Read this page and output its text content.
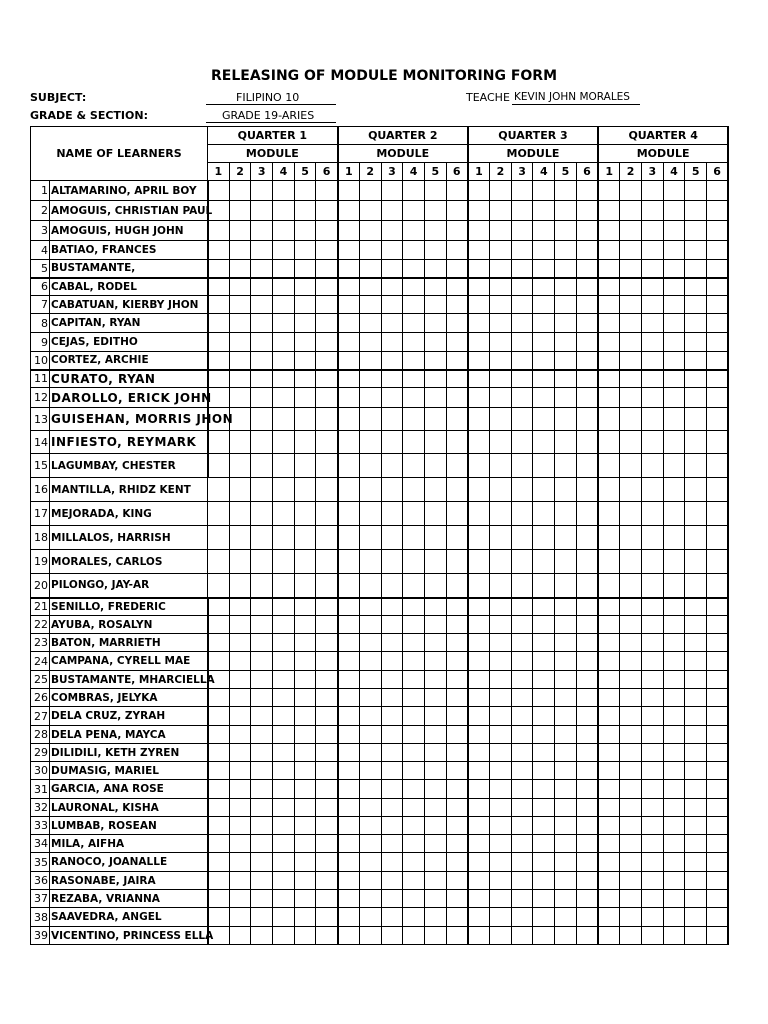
RELEASING OF MODULE MONITORING FORM
SUBJECT:	FILIPINO 10	TEACHE KEVIN JOHN MORALES
GRADE & SECTION:	GRADE 19-ARIES
NAME OF LEARNERS		QUARTER 1						QUARTER 2						QUARTER 3						QUARTER 4					
		MODULE						MODULE						MODULE						MODULE					
		1	2	3	4	5	6	1	2	3	4	5	6	1	2	3	4	5	6	1	2	3	4	5	6
1	ALTAMARINO, APRIL BOY																								
2	AMOGUIS, CHRISTIAN PAUL																								
3	AMOGUIS, HUGH JOHN																								
4	BATIAO, FRANCES																								
5	BUSTAMANTE,																								
6	CABAL, RODEL																								
7	CABATUAN, KIERBY JHON																								
8	CAPITAN, RYAN																								
9	CEJAS, EDITHO																								
10	CORTEZ, ARCHIE																								
11	CURATO, RYAN																								
12	DAROLLO, ERICK JOHN																								
13	GUISEHAN, MORRIS JHON																								
14	INFIESTO, REYMARK																								
15	LAGUMBAY, CHESTER																								
16	MANTILLA, RHIDZ KENT																								
17	MEJORADA, KING																								
18	MILLALOS, HARRISH																								
19	MORALES, CARLOS																								
20	PILONGO, JAY-AR																								
21	SENILLO, FREDERIC																								
22	AYUBA, ROSALYN																								
23	BATON, MARRIETH																								
24	CAMPANA, CYRELL MAE																								
25	BUSTAMANTE, MHARCIELLA																								
26	COMBRAS, JELYKA																								
27	DELA CRUZ, ZYRAH																								
28	DELA PENA, MAYCA																								
29	DILIDILI, KETH ZYREN																								
30	DUMASIG, MARIEL																								
31	GARCIA, ANA ROSE																								
32	LAURONAL, KISHA																								
33	LUMBAB, ROSEAN																								
34	MILA, AIFHA																								
35	RANOCO, JOANALLE																								
36	RASONABE, JAIRA																								
37	REZABA, VRIANNA																								
38	SAAVEDRA, ANGEL																								
39	VICENTINO, PRINCESS ELLA																								
